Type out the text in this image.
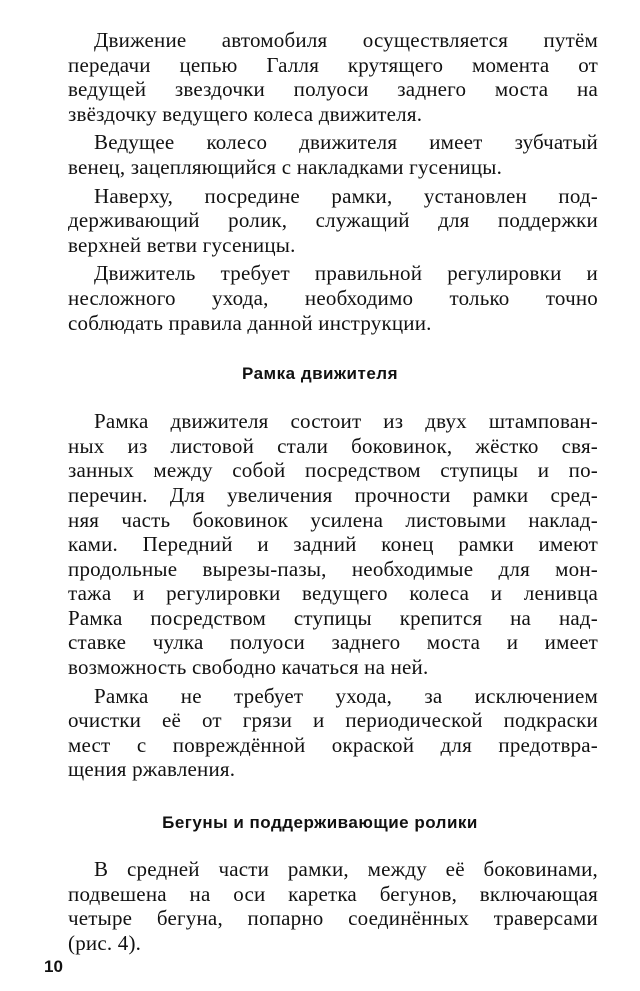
Движение автомобиля осуществляется путём
передачи цепью Галля крутящего момента от
ведущей звездочки полуоси заднего моста на
звёздочку ведущего колеса движителя.
Ведущее колесо движителя имеет зубчатый
венец, зацепляющийся с накладками гусеницы.
Наверху, посредине рамки, установлен под-
держивающий ролик, служащий для поддержки
верхней ветви гусеницы.
Движитель требует правильной регулировки и
несложного ухода, необходимо только точно
соблюдать правила данной инструкции.
Рамка движителя
Рамка движителя состоит из двух штампован-
ных из листовой стали боковинок, жёстко свя-
занных между собой посредством ступицы и по-
перечин. Для увеличения прочности рамки сред-
няя часть боковинок усилена листовыми наклад-
ками. Передний и задний конец рамки имеют
продольные вырезы-пазы, необходимые для мон-
тажа и регулировки ведущего колеса и ленивца
Рамка посредством ступицы крепится на над-
ставке чулка полуоси заднего моста и имеет
возможность свободно качаться на ней.
Рамка не требует ухода, за исключением
очистки её от грязи и периодической подкраски
мест с повреждённой окраской для предотвра-
щения ржавления.
Бегуны и поддерживающие ролики
В средней части рамки, между её боковинами,
подвешена на оси каретка бегунов, включающая
четыре бегуна, попарно соединённых траверсами
(рис. 4).
10
